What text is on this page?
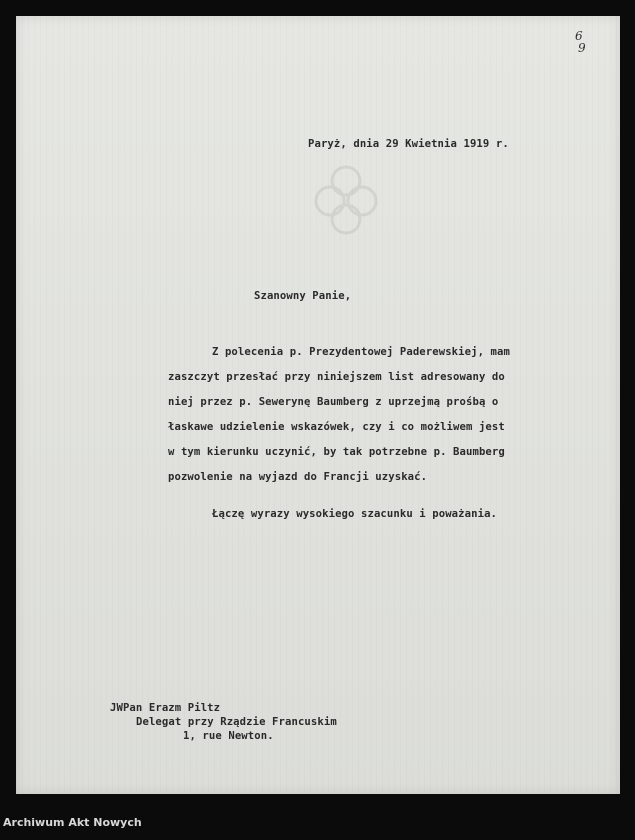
6
9
Paryż, dnia 29 Kwietnia 1919 r.
Szanowny Panie,
Z polecenia p. Prezydentowej Paderewskiej, mam
zaszczyt przesłać przy niniejszem list adresowany do
niej przez p. Sewerynę Baumberg z uprzejmą prośbą o
łaskawe udzielenie wskazówek, czy i co możliwem jest
w tym kierunku uczynić, by tak potrzebne p. Baumberg
pozwolenie na wyjazd do Francji uzyskać.
Łączę wyrazy wysokiego szacunku i poważania.
JWPan Erazm Piltz
Delegat przy Rządzie Francuskim
1, rue Newton.
Archiwum Akt Nowych
